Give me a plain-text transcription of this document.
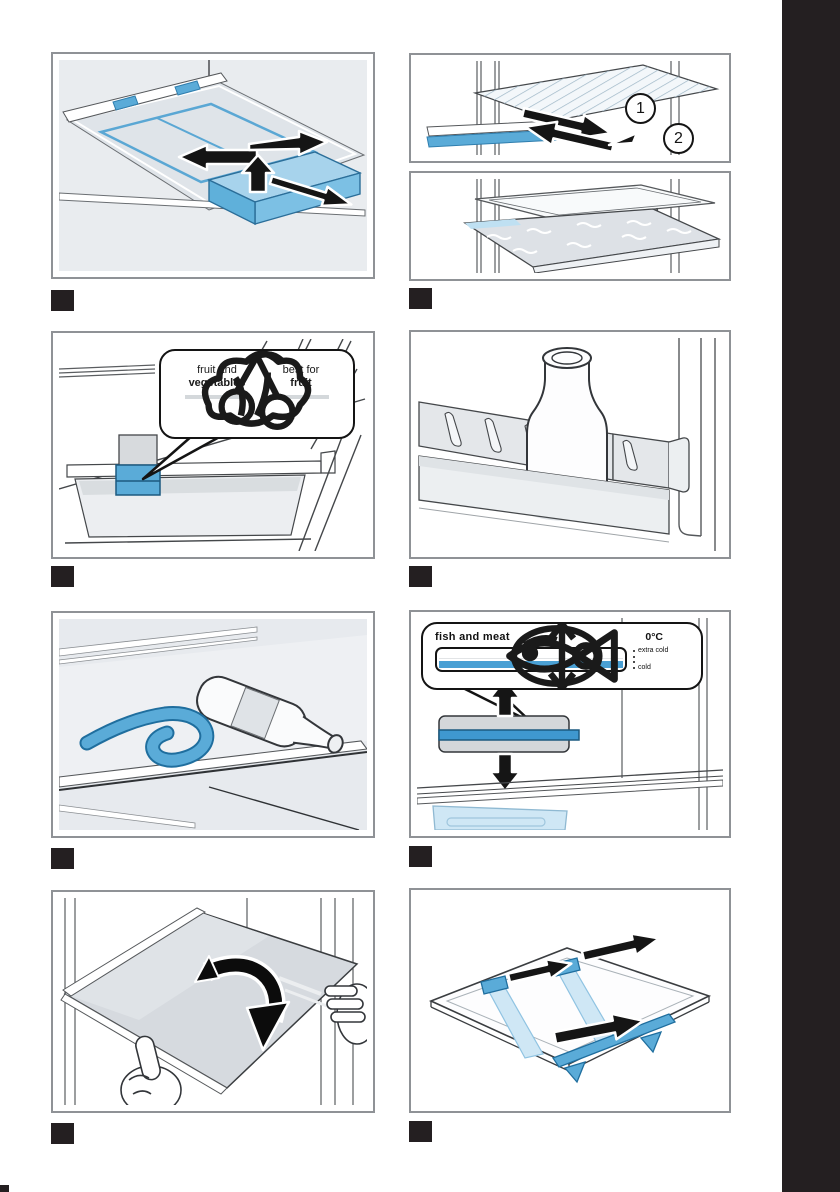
1
2
fruit and
vegetables
best for
fruit
fish and meat	0°C
extra cold
cold
